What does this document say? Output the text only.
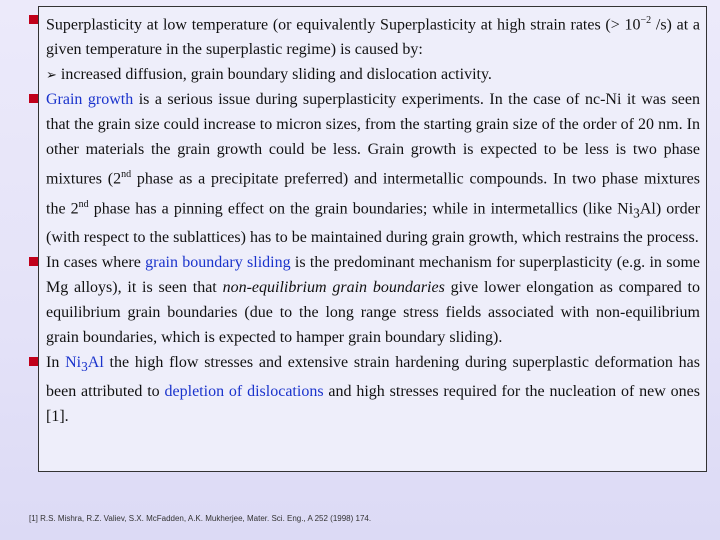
Superplasticity at low temperature (or equivalently Superplasticity at high strain rates (> $10^{-2}$ /s) at a given temperature in the superplastic regime) is caused by:
➢ increased diffusion, grain boundary sliding and dislocation activity.

Grain growth is a serious issue during superplasticity experiments. In the case of nc-Ni it was seen that the grain size could increase to micron sizes, from the starting grain size of the order of 20 nm. In other materials the grain growth could be less. Grain growth is expected to be less is two phase mixtures (2nd phase as a precipitate preferred) and intermetallic compounds. In two phase mixtures the 2nd phase has a pinning effect on the grain boundaries; while in intermetallics (like $Ni_3Al$) order (with respect to the sublattices) has to be maintained during grain growth, which restrains the process.

In cases where grain boundary sliding is the predominant mechanism for superplasticity (e.g. in some Mg alloys), it is seen that non-equilibrium grain boundaries give lower elongation as compared to equilibrium grain boundaries (due to the long range stress fields associated with non-equilibrium grain boundaries, which is expected to hamper grain boundary sliding).

In $Ni_3Al$ the high flow stresses and extensive strain hardening during superplastic deformation has been attributed to depletion of dislocations and high stresses required for the nucleation of new ones [1].

[1] R.S. Mishra, R.Z. Valiev, S.X. McFadden, A.K. Mukherjee, Mater. Sci. Eng., A 252 (1998) 174.
